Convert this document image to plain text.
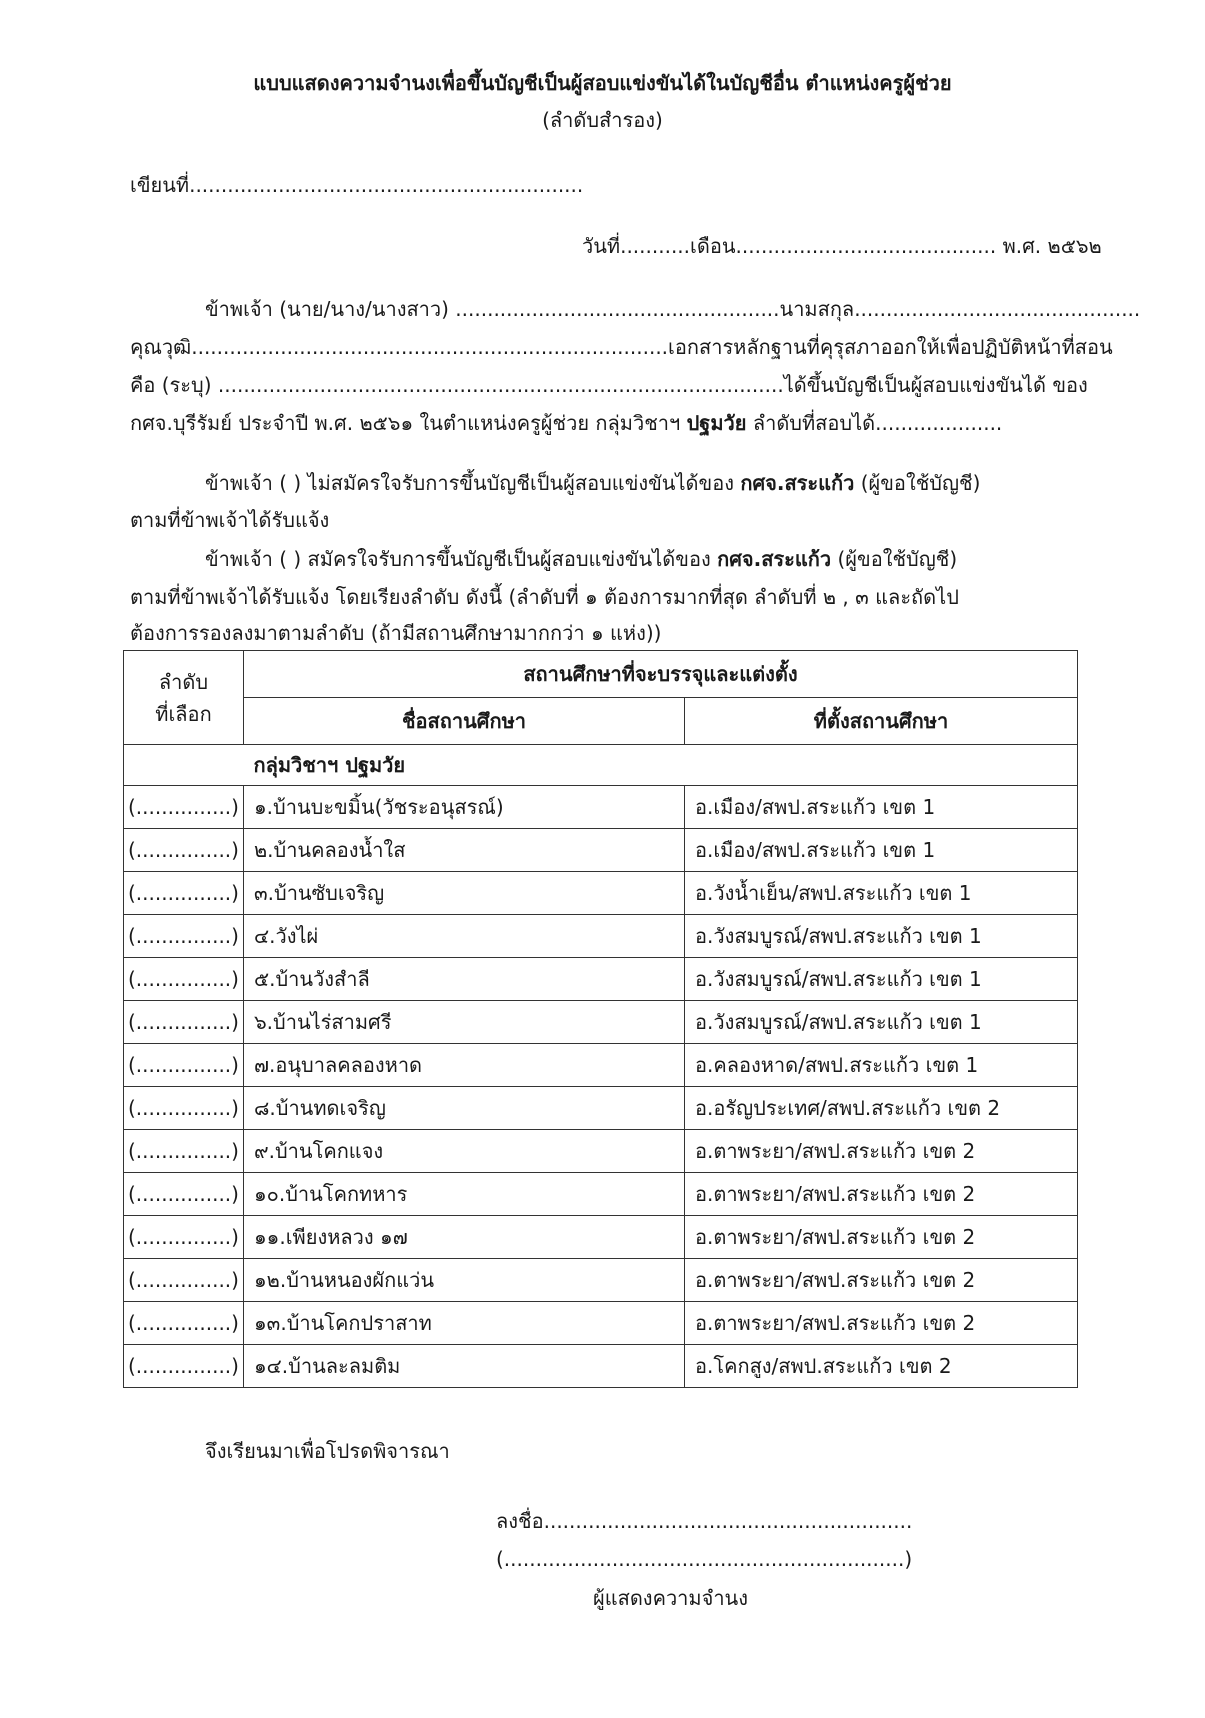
แบบแสดงความจำนงเพื่อขึ้นบัญชีเป็นผู้สอบแข่งขันได้ในบัญชีอื่น ตำแหน่งครูผู้ช่วย
(ลำดับสำรอง)
เขียนที่..............................................................
วันที่...........เดือน......................................... พ.ศ. ๒๕๖๒
ข้าพเจ้า (นาย/นาง/นางสาว) ................................................... นามสกุล.............................................
คุณวุฒิ........................................................................... เอกสารหลักฐานที่คุรุสภาออกให้เพื่อปฏิบัติหน้าที่สอน
คือ (ระบุ) ......................................................................................... ได้ขึ้นบัญชีเป็นผู้สอบแข่งขันได้ ของ
กศจ.บุรีรัมย์ ประจำปี พ.ศ. ๒๕๖๑ ในตำแหน่งครูผู้ช่วย กลุ่มวิชาฯ ปฐมวัย ลำดับที่สอบได้....................
ข้าพเจ้า ( ) ไม่สมัครใจรับการขึ้นบัญชีเป็นผู้สอบแข่งขันได้ของ กศจ.สระแก้ว (ผู้ขอใช้บัญชี)
ตามที่ข้าพเจ้าได้รับแจ้ง
ข้าพเจ้า ( ) สมัครใจรับการขึ้นบัญชีเป็นผู้สอบแข่งขันได้ของ กศจ.สระแก้ว (ผู้ขอใช้บัญชี)
ตามที่ข้าพเจ้าได้รับแจ้ง โดยเรียงลำดับ ดังนี้ (ลำดับที่ ๑ ต้องการมากที่สุด ลำดับที่ ๒ , ๓ และถัดไป
ต้องการรองลงมาตามลำดับ (ถ้ามีสถานศึกษามากกว่า ๑ แห่ง))
ลำดับ
ที่เลือก	สถานศึกษาที่จะบรรจุและแต่งตั้ง	
	ชื่อสถานศึกษา	ที่ตั้งสถานศึกษา
	กลุ่มวิชาฯ ปฐมวัย	
(...............)	๑.บ้านบะขมิ้น(วัชระอนุสรณ์)	อ.เมือง/สพป.สระแก้ว เขต 1
(...............)	๒.บ้านคลองน้ำใส	อ.เมือง/สพป.สระแก้ว เขต 1
(...............)	๓.บ้านซับเจริญ	อ.วังน้ำเย็น/สพป.สระแก้ว เขต 1
(...............)	๔.วังไผ่	อ.วังสมบูรณ์/สพป.สระแก้ว เขต 1
(...............)	๕.บ้านวังสำลี	อ.วังสมบูรณ์/สพป.สระแก้ว เขต 1
(...............)	๖.บ้านไร่สามศรี	อ.วังสมบูรณ์/สพป.สระแก้ว เขต 1
(...............)	๗.อนุบาลคลองหาด	อ.คลองหาด/สพป.สระแก้ว เขต 1
(...............)	๘.บ้านทดเจริญ	อ.อรัญประเทศ/สพป.สระแก้ว เขต 2
(...............)	๙.บ้านโคกแจง	อ.ตาพระยา/สพป.สระแก้ว เขต 2
(...............)	๑๐.บ้านโคกทหาร	อ.ตาพระยา/สพป.สระแก้ว เขต 2
(...............)	๑๑.เพียงหลวง ๑๗	อ.ตาพระยา/สพป.สระแก้ว เขต 2
(...............)	๑๒.บ้านหนองผักแว่น	อ.ตาพระยา/สพป.สระแก้ว เขต 2
(...............)	๑๓.บ้านโคกปราสาท	อ.ตาพระยา/สพป.สระแก้ว เขต 2
(...............)	๑๔.บ้านละลมติม	อ.โคกสูง/สพป.สระแก้ว เขต 2
จึงเรียนมาเพื่อโปรดพิจารณา
ลงชื่อ..........................................................
(...............................................................)
ผู้แสดงความจำนง
